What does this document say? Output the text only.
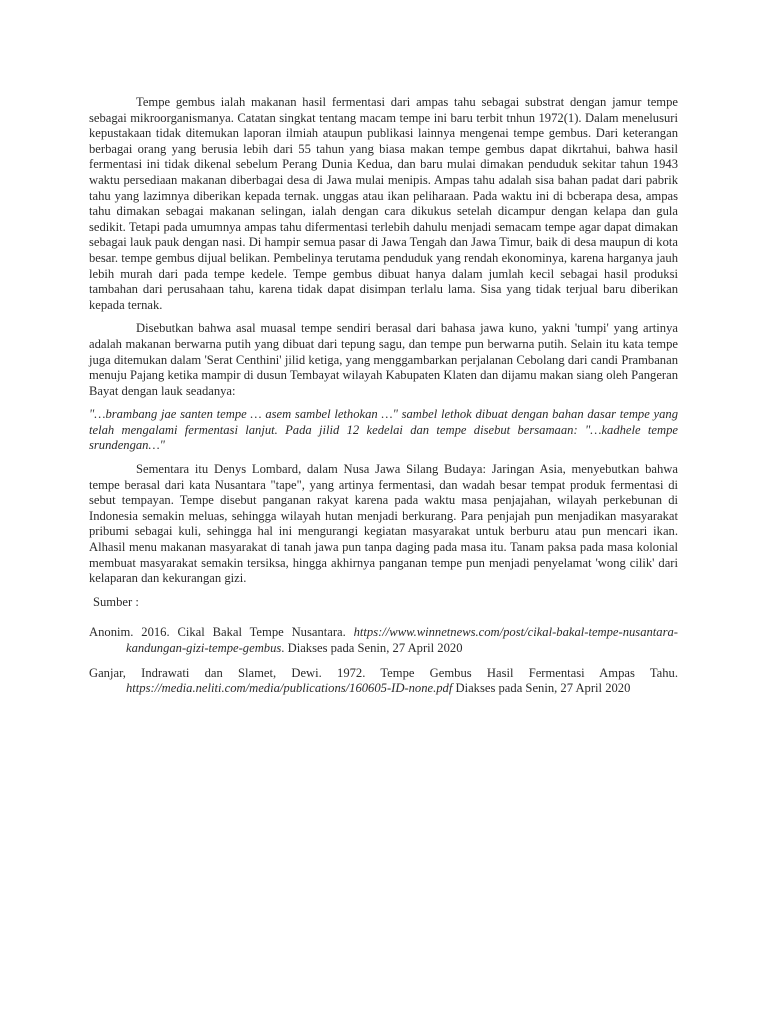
Tempe gembus ialah makanan hasil fermentasi dari ampas tahu sebagai substrat dengan jamur tempe sebagai mikroorganismanya. Catatan singkat tentang macam tempe ini baru terbit tnhun 1972(1). Dalam menelusuri kepustakaan tidak ditemukan laporan ilmiah ataupun publikasi lainnya mengenai tempe gembus. Dari keterangan berbagai orang yang berusia lebih dari 55 tahun yang biasa makan tempe gembus dapat dikrtahui, bahwa hasil fermentasi ini tidak dikenal sebelum Perang Dunia Kedua, dan baru mulai dimakan penduduk sekitar tahun 1943 waktu persediaan makanan diberbagai desa di Jawa mulai menipis. Ampas tahu adalah sisa bahan padat dari pabrik tahu yang lazimnya diberikan kepada ternak. unggas atau ikan peliharaan. Pada waktu ini di bcberapa desa, ampas tahu dimakan sebagai makanan selingan, ialah dengan cara dikukus setelah dicampur dengan kelapa dan gula sedikit. Tetapi pada umumnya ampas tahu difermentasi terlebih dahulu menjadi semacam tempe agar dapat dimakan sebagai lauk pauk dengan nasi. Di hampir semua pasar di Jawa Tengah dan Jawa Timur, baik di desa maupun di kota besar. tempe gembus dijual belikan. Pembelinya terutama penduduk yang rendah ekonominya, karena harganya jauh lebih murah dari pada tempe kedele. Tempe gembus dibuat hanya dalam jumlah kecil sebagai hasil produksi tambahan dari perusahaan tahu, karena tidak dapat disimpan terlalu lama. Sisa yang tidak terjual baru diberikan kepada ternak.

Disebutkan bahwa asal muasal tempe sendiri berasal dari bahasa jawa kuno, yakni 'tumpi' yang artinya adalah makanan berwarna putih yang dibuat dari tepung sagu, dan tempe pun berwarna putih. Selain itu kata tempe juga ditemukan dalam 'Serat Centhini' jilid ketiga, yang menggambarkan perjalanan Cebolang dari candi Prambanan menuju Pajang ketika mampir di dusun Tembayat wilayah Kabupaten Klaten dan dijamu makan siang oleh Pangeran Bayat dengan lauk seadanya:

"…brambang jae santen tempe … asem sambel lethokan …" sambel lethok dibuat dengan bahan dasar tempe yang telah mengalami fermentasi lanjut. Pada jilid 12 kedelai dan tempe disebut bersamaan: "…kadhele tempe srundengan…"

Sementara itu Denys Lombard, dalam Nusa Jawa Silang Budaya: Jaringan Asia, menyebutkan bahwa tempe berasal dari kata Nusantara "tape", yang artinya fermentasi, dan wadah besar tempat produk fermentasi di sebut tempayan. Tempe disebut panganan rakyat karena pada waktu masa penjajahan, wilayah perkebunan di Indonesia semakin meluas, sehingga wilayah hutan menjadi berkurang. Para penjajah pun menjadikan masyarakat pribumi sebagai kuli, sehingga hal ini mengurangi kegiatan masyarakat untuk berburu atau pun mencari ikan. Alhasil menu makanan masyarakat di tanah jawa pun tanpa daging pada masa itu. Tanam paksa pada masa kolonial membuat masyarakat semakin tersiksa, hingga akhirnya panganan tempe pun menjadi penyelamat 'wong cilik' dari kelaparan dan kekurangan gizi.

Sumber :

Anonim. 2016. Cikal Bakal Tempe Nusantara. https://www.winnetnews.com/post/cikal-bakal-tempe-nusantara-kandungan-gizi-tempe-gembus. Diakses pada Senin, 27 April 2020

Ganjar, Indrawati dan Slamet, Dewi. 1972. Tempe Gembus Hasil Fermentasi Ampas Tahu. https://media.neliti.com/media/publications/160605-ID-none.pdf Diakses pada Senin, 27 April 2020
